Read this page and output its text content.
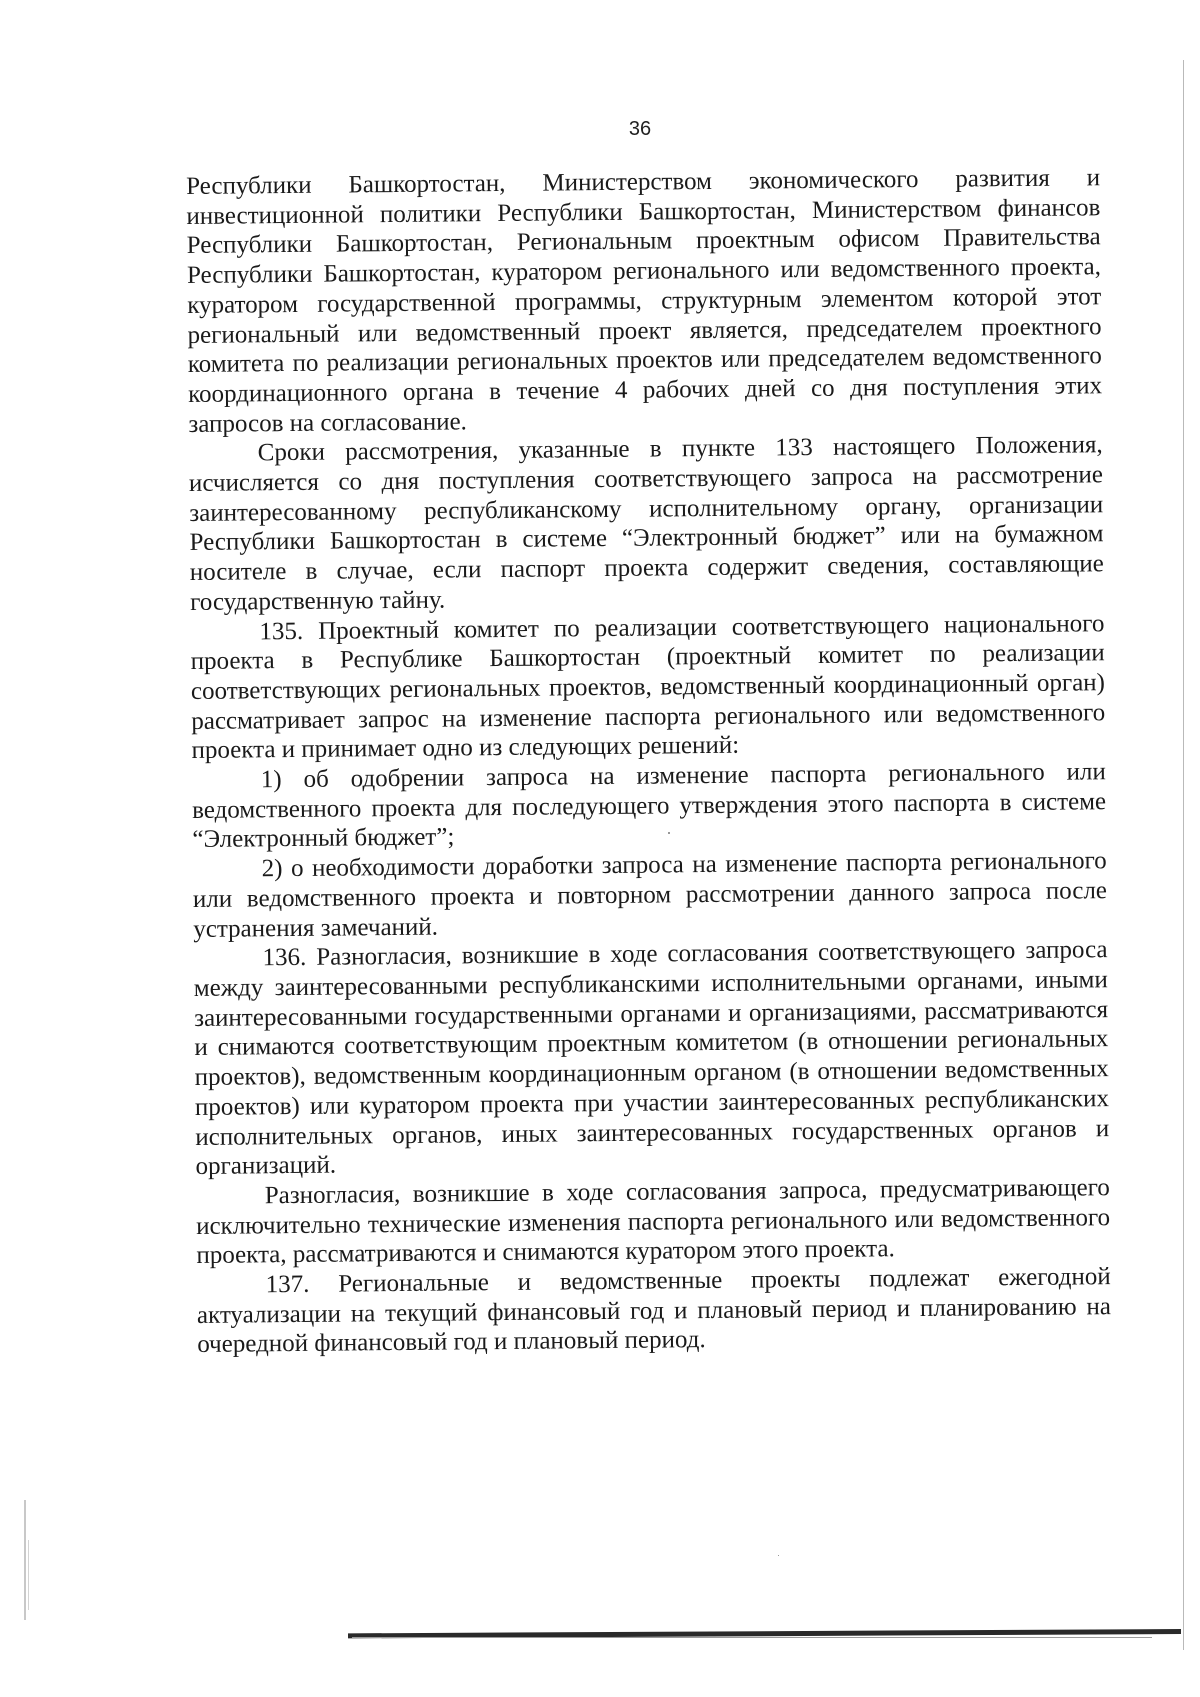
36

Республики Башкортостан, Министерством экономического развития и инвестиционной политики Республики Башкортостан, Министерством финансов Республики Башкортостан, Региональным проектным офисом Правительства Республики Башкортостан, куратором регионального или ведомственного проекта, куратором государственной программы, структурным элементом которой этот региональный или ведомственный проект является, председателем проектного комитета по реализации региональных проектов или председателем ведомственного координационного органа в течение 4 рабочих дней со дня поступления этих запросов на согласование.

Сроки рассмотрения, указанные в пункте 133 настоящего Положения, исчисляется со дня поступления соответствующего запроса на рассмотрение заинтересованному республиканскому исполнительному органу, организации Республики Башкортостан в системе “Электронный бюджет” или на бумажном носителе в случае, если паспорт проекта содержит сведения, составляющие государственную тайну.

135. Проектный комитет по реализации соответствующего национального проекта в Республике Башкортостан (проектный комитет по реализации соответствующих региональных проектов, ведомственный координационный орган) рассматривает запрос на изменение паспорта регионального или ведомственного проекта и принимает одно из следующих решений:

1) об одобрении запроса на изменение паспорта регионального или ведомственного проекта для последующего утверждения этого паспорта в системе “Электронный бюджет”;

2) о необходимости доработки запроса на изменение паспорта регионального или ведомственного проекта и повторном рассмотрении данного запроса после устранения замечаний.

136. Разногласия, возникшие в ходе согласования соответствующего запроса между заинтересованными республиканскими исполнительными органами, иными заинтересованными государственными органами и организациями, рассматриваются и снимаются соответствующим проектным комитетом (в отношении региональных проектов), ведомственным координационным органом (в отношении ведомственных проектов) или куратором проекта при участии заинтересованных республиканских исполнительных органов, иных заинтересованных государственных органов и организаций.

Разногласия, возникшие в ходе согласования запроса, предусматривающего исключительно технические изменения паспорта регионального или ведомственного проекта, рассматриваются и снимаются куратором этого проекта.

137. Региональные и ведомственные проекты подлежат ежегодной актуализации на текущий финансовый год и плановый период и планированию на очередной финансовый год и плановый период.
